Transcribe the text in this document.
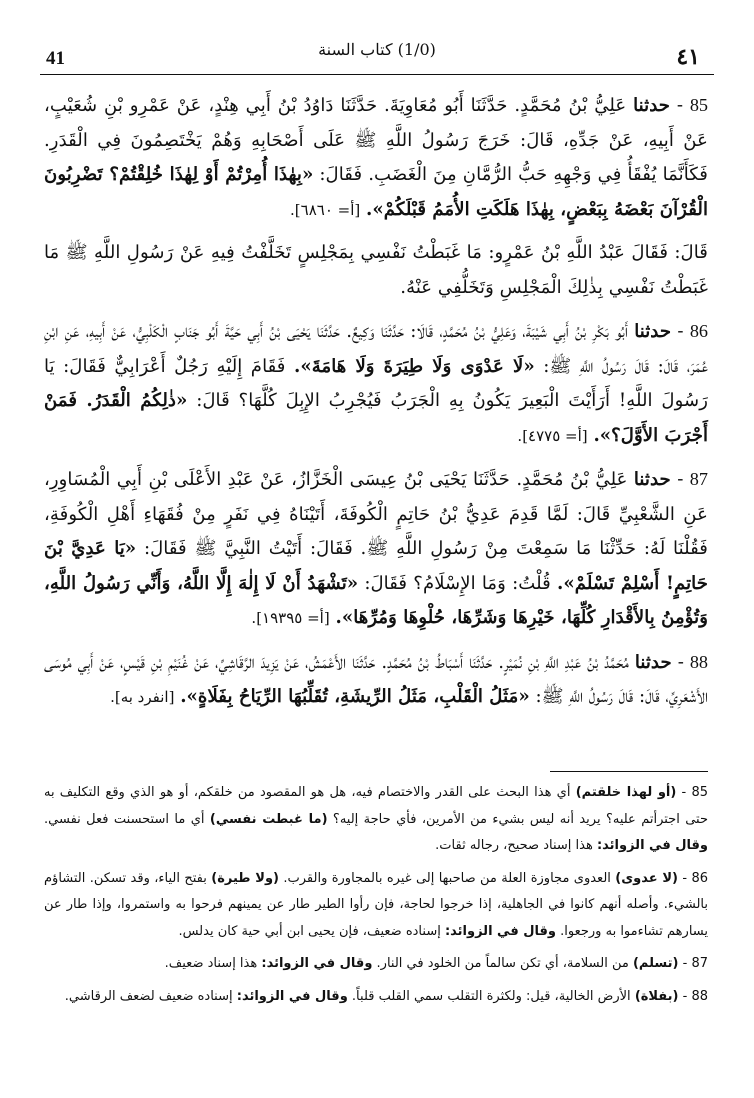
41	(1/0) كتاب السنة	٤١

85 - حدثنا عَلِيُّ بْنُ مُحَمَّدٍ. حَدَّثَنَا أَبُو مُعَاوِيَةَ. حَدَّثَنَا دَاوُدُ بْنُ أَبِي هِنْدٍ، عَنْ عَمْرِو بْنِ شُعَيْبٍ، عَنْ أَبِيهِ، عَنْ جَدِّهِ، قَالَ: خَرَجَ رَسُولُ اللَّهِ ﷺ عَلَى أَصْحَابِهِ وَهُمْ يَخْتَصِمُونَ فِي الْقَدَرِ. فَكَأَنَّمَا يُفْقَأُ فِي وَجْهِهِ حَبُّ الرُّمَّانِ مِنَ الْغَضَبِ. فَقَالَ: «بِهٰذَا أُمِرْتُمْ أَوْ لِهٰذَا خُلِقْتُمْ؟ تَضْرِبُونَ الْقُرْآنَ بَعْضَهُ بِبَعْضٍ، بِهٰذَا هَلَكَتِ الأُمَمُ قَبْلَكُمْ». [أ= ٦٨٦٠].

قَالَ: فَقَالَ عَبْدُ اللَّهِ بْنُ عَمْرٍو: مَا غَبَطْتُ نَفْسِي بِمَجْلِسٍ تَخَلَّفْتُ فِيهِ عَنْ رَسُولِ اللَّهِ ﷺ مَا غَبَطْتُ نَفْسِي بِذٰلِكَ الْمَجْلِسِ وَتَخَلُّفِي عَنْهُ.

86 - حدثنا أَبُو بَكْرِ بْنُ أَبِي شَيْبَةَ، وَعَلِيُّ بْنُ مُحَمَّدٍ، قَالَا: حَدَّثَنَا وَكِيعٌ. حَدَّثَنَا يَحْيَى بْنُ أَبِي حَيَّةَ أَبُو جَنَابٍ الْكَلْبِيُّ، عَنْ أَبِيهِ، عَنِ ابْنِ عُمَرَ، قَالَ: قَالَ رَسُولُ اللَّهِ ﷺ: «لَا عَدْوَى وَلَا طِيَرَةَ وَلَا هَامَةَ». فَقَامَ إِلَيْهِ رَجُلٌ أَعْرَابِيٌّ فَقَالَ: يَا رَسُولَ اللَّهِ! أَرَأَيْتَ الْبَعِيرَ يَكُونُ بِهِ الْجَرَبُ فَيُجْرِبُ الإِبِلَ كُلَّهَا؟ قَالَ: «ذٰلِكُمُ الْقَدَرُ. فَمَنْ أَجْرَبَ الأَوَّلَ؟». [أ= ٤٧٧٥].

87 - حدثنا عَلِيُّ بْنُ مُحَمَّدٍ. حَدَّثَنَا يَحْيَى بْنُ عِيسَى الْخَزَّازُ، عَنْ عَبْدِ الأَعْلَى بْنِ أَبِي الْمُسَاوِرِ، عَنِ الشَّعْبِيِّ قَالَ: لَمَّا قَدِمَ عَدِيُّ بْنُ حَاتِمٍ الْكُوفَةَ، أَتَيْنَاهُ فِي نَفَرٍ مِنْ فُقَهَاءِ أَهْلِ الْكُوفَةِ، فَقُلْنَا لَهُ: حَدِّثْنَا مَا سَمِعْتَ مِنْ رَسُولِ اللَّهِ ﷺ. فَقَالَ: أَتَيْتُ النَّبِيَّ ﷺ فَقَالَ: «يَا عَدِيَّ بْنَ حَاتِمٍ! أَسْلِمْ تَسْلَمْ». قُلْتُ: وَمَا الإِسْلَامُ؟ فَقَالَ: «تَشْهَدُ أَنْ لَا إِلٰهَ إِلَّا اللَّهُ، وَأَنِّي رَسُولُ اللَّهِ، وَتُؤْمِنُ بِالأَقْدَارِ كُلِّهَا، خَيْرِهَا وَشَرِّهَا، حُلْوِهَا وَمُرِّهَا». [أ= ١٩٣٩٥].

88 - حدثنا مُحَمَّدُ بْنُ عَبْدِ اللَّهِ بْنِ نُمَيْرٍ. حَدَّثَنَا أَسْبَاطُ بْنُ مُحَمَّدٍ. حَدَّثَنَا الأَعْمَشُ، عَنْ يَزِيدَ الرَّقَاشِيِّ، عَنْ غُنَيْمِ بْنِ قَيْسٍ، عَنْ أَبِي مُوسَى الأَشْعَرِيِّ، قَالَ: قَالَ رَسُولُ اللَّهِ ﷺ: «مَثَلُ الْقَلْبِ، مَثَلُ الرِّيشَةِ، تُقَلِّبُهَا الرِّيَاحُ بِفَلَاةٍ». [انفرد به].

85 - (أو لهذا خلقتم) أي هذا البحث على القدر والاختصام فيه، هل هو المقصود من خلقكم، أو هو الذي وقع التكليف به حتى اجترأتم عليه؟ يريد أنه ليس بشيء من الأمرين، فأي حاجة إليه؟ (ما غبطت نفسي) أي ما استحسنت فعل نفسي. وقال في الزوائد: هذا إسناد صحيح، رجاله ثقات.

86 - (لا عدوى) العدوى مجاوزة العلة من صاحبها إلى غيره بالمجاورة والقرب. (ولا طيرة) بفتح الياء، وقد تسكن. التشاؤم بالشيء. وأصله أنهم كانوا في الجاهلية، إذا خرجوا لحاجة، فإن رأوا الطير طار عن يمينهم فرحوا به واستمروا، وإذا طار عن يسارهم تشاءموا به ورجعوا. وقال في الزوائد: إسناده ضعيف، فإن يحيى ابن أبي حية كان يدلس.

87 - (تسلم) من السلامة، أي تكن سالماً من الخلود في النار. وقال في الزوائد: هذا إسناد ضعيف.

88 - (بفلاة) الأرض الخالية، قيل: ولكثرة التقلب سمي القلب قلباً. وقال في الزوائد: إسناده ضعيف لضعف الرقاشي.
